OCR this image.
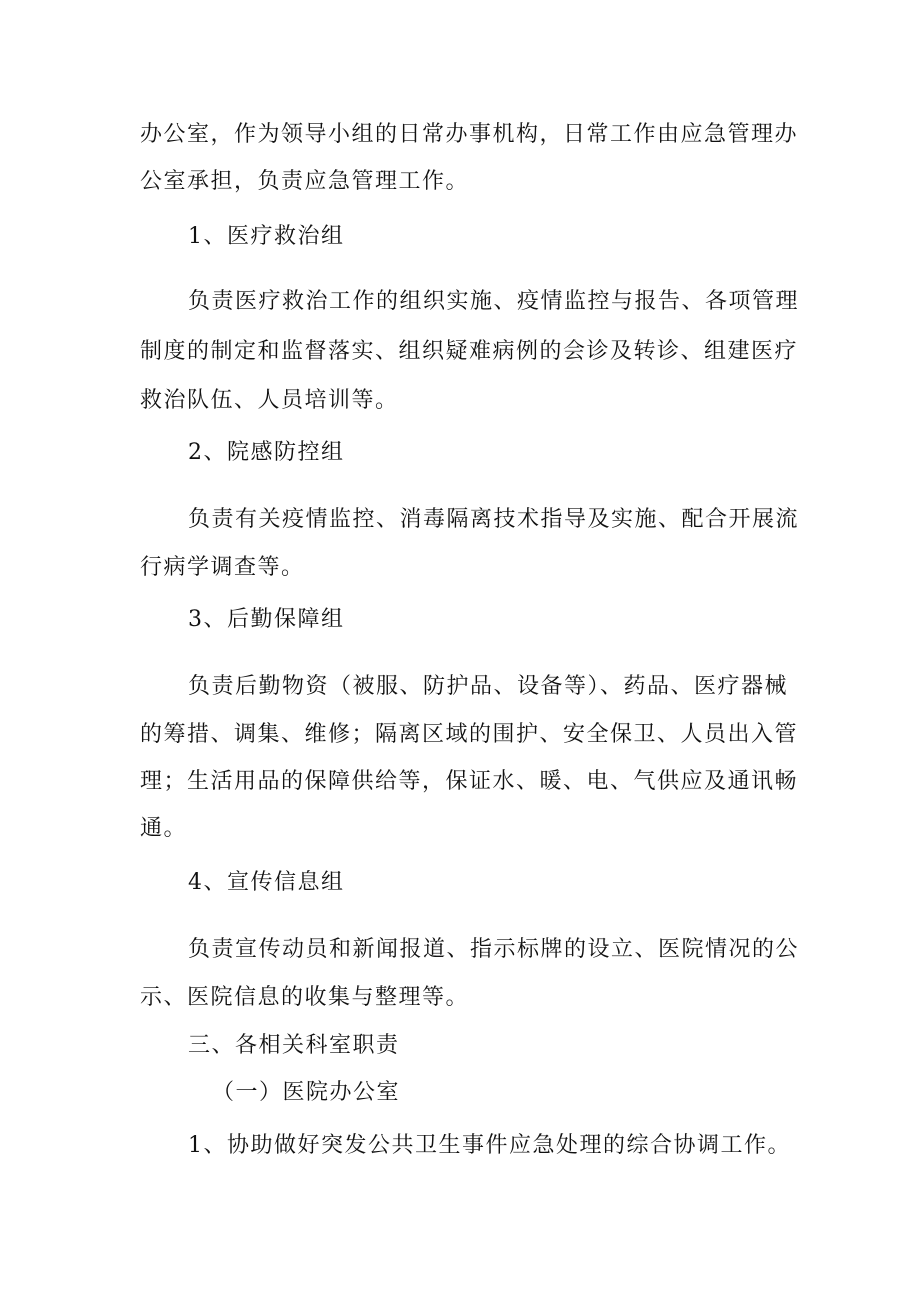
办公室，作为领导小组的日常办事机构，日常工作由应急管理办
公室承担，负责应急管理工作。
1、医疗救治组
负责医疗救治工作的组织实施、疫情监控与报告、各项管理
制度的制定和监督落实、组织疑难病例的会诊及转诊、组建医疗
救治队伍、人员培训等。
2、院感防控组
负责有关疫情监控、消毒隔离技术指导及实施、配合开展流
行病学调查等。
3、后勤保障组
负责后勤物资（被服、防护品、设备等）、药品、医疗器械
的筹措、调集、维修；隔离区域的围护、安全保卫、人员出入管
理；生活用品的保障供给等，保证水、暖、电、气供应及通讯畅
通。
4、宣传信息组
负责宣传动员和新闻报道、指示标牌的设立、医院情况的公
示、医院信息的收集与整理等。
三、各相关科室职责
（一）医院办公室
1、协助做好突发公共卫生事件应急处理的综合协调工作。
